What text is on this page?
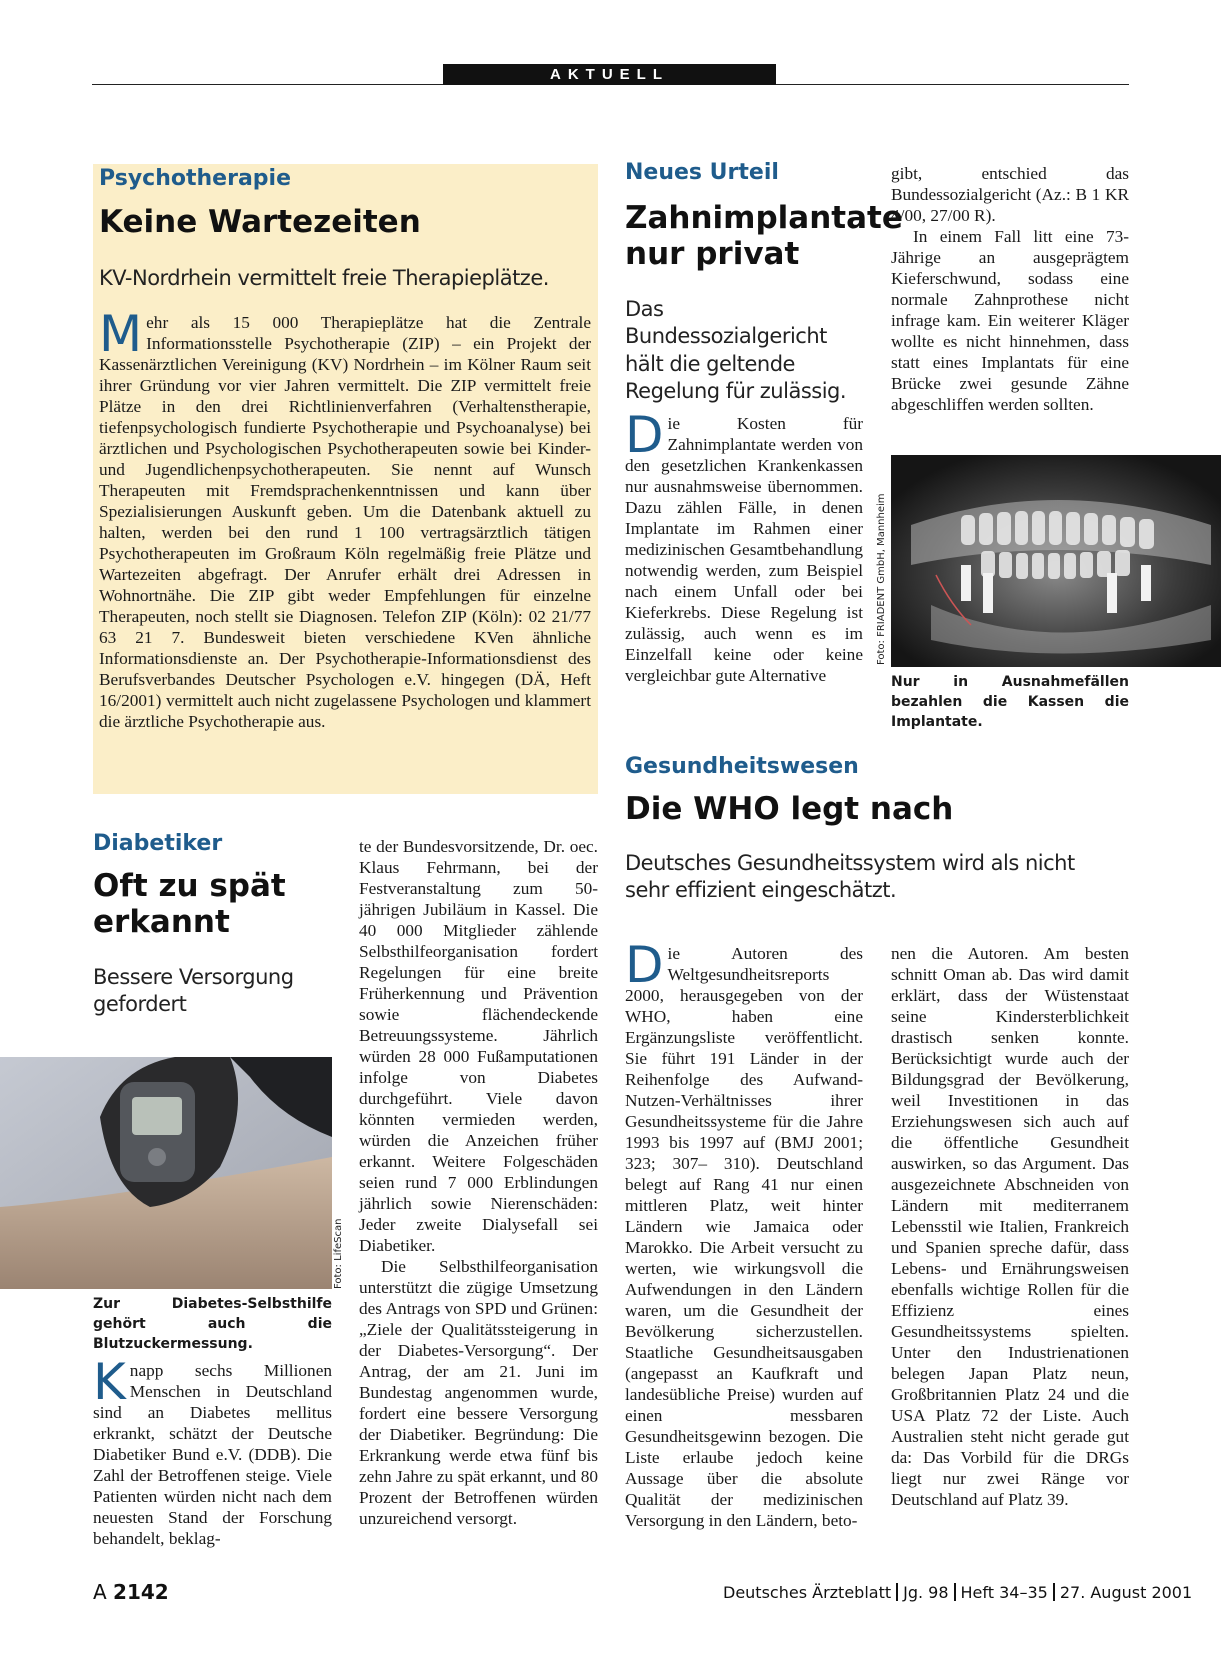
AKTUELL
Psychotherapie
Keine Wartezeiten
KV-Nordrhein vermittelt freie Therapieplätze.

Mehr als 15 000 Therapieplätze hat die Zentrale Informationsstelle Psychotherapie (ZIP) – ein Projekt der Kassenärztlichen Vereinigung (KV) Nordrhein – im Kölner Raum seit ihrer Gründung vor vier Jahren vermittelt. Die ZIP vermittelt freie Plätze in den drei Richtlinienverfahren (Verhaltenstherapie, tiefenpsychologisch fundierte Psychotherapie und Psychoanalyse) bei ärztlichen und Psychologischen Psychotherapeuten sowie bei Kinder- und Jugendlichenpsychotherapeuten. Sie nennt auf Wunsch Therapeuten mit Fremdsprachenkenntnissen und kann über Spezialisierungen Auskunft geben. Um die Datenbank aktuell zu halten, werden bei den rund 1 100 vertragsärztlich tätigen Psychotherapeuten im Großraum Köln regelmäßig freie Plätze und Wartezeiten abgefragt. Der Anrufer erhält drei Adressen in Wohnortnähe. Die ZIP gibt weder Empfehlungen für einzelne Therapeuten, noch stellt sie Diagnosen. Telefon ZIP (Köln): 02 21/77 63 21 7. Bundesweit bieten verschiedene KVen ähnliche Informationsdienste an. Der Psychotherapie-Informationsdienst des Berufsverbandes Deutscher Psychologen e.V. hingegen (DÄ, Heft 16/2001) vermittelt auch nicht zugelassene Psychologen und klammert die ärztliche Psychotherapie aus.

Neues Urteil
Zahnimplantate nur privat
Das Bundessozialgericht hält die geltende Regelung für zulässig.

Die Kosten für Zahnimplantate werden von den gesetzlichen Krankenkassen nur ausnahmsweise übernommen. Dazu zählen Fälle, in denen Implantate im Rahmen einer medizinischen Gesamtbehandlung notwendig werden, zum Beispiel nach einem Unfall oder bei Kieferkrebs. Diese Regelung ist zulässig, auch wenn es im Einzelfall keine oder keine vergleichbar gute Alternative

gibt, entschied das Bundessozialgericht (Az.: B 1 KR 4/00, 27/00 R).

In einem Fall litt eine 73-Jährige an ausgeprägtem Kieferschwund, sodass eine normale Zahnprothese nicht infrage kam. Ein weiterer Kläger wollte es nicht hinnehmen, dass statt eines Implantats für eine Brücke zwei gesunde Zähne abgeschliffen werden sollten.

Foto: FRIADENT GmbH, Mannheim
Nur in Ausnahmefällen bezahlen die Kassen die Implantate.
Diabetiker
Oft zu spät
erkannt
Bessere Versorgung
gefordert
Foto: LifeScan
Zur Diabetes-Selbsthilfe gehört auch die Blutzuckermessung.

Knapp sechs Millionen Menschen in Deutschland sind an Diabetes mellitus erkrankt, schätzt der Deutsche Diabetiker Bund e.V. (DDB). Die Zahl der Betroffenen steige. Viele Patienten würden nicht nach dem neuesten Stand der Forschung behandelt, beklag-

te der Bundesvorsitzende, Dr. oec. Klaus Fehrmann, bei der Festveranstaltung zum 50-jährigen Jubiläum in Kassel. Die 40 000 Mitglieder zählende Selbsthilfeorganisation fordert Regelungen für eine breite Früherkennung und Prävention sowie flächendeckende Betreuungssysteme. Jährlich würden 28 000 Fußamputationen infolge von Diabetes durchgeführt. Viele davon könnten vermieden werden, würden die Anzeichen früher erkannt. Weitere Folgeschäden seien rund 7 000 Erblindungen jährlich sowie Nierenschäden: Jeder zweite Dialysefall sei Diabetiker.

Die Selbsthilfeorganisation unterstützt die zügige Umsetzung des Antrags von SPD und Grünen: „Ziele der Qualitätssteigerung in der Diabetes-Versorgung“. Der Antrag, der am 21. Juni im Bundestag angenommen wurde, fordert eine bessere Versorgung der Diabetiker. Begründung: Die Erkrankung werde etwa fünf bis zehn Jahre zu spät erkannt, und 80 Prozent der Betroffenen würden unzureichend versorgt.

Gesundheitswesen
Die WHO legt nach
Deutsches Gesundheitssystem wird als nicht sehr effizient eingeschätzt.

Die Autoren des Weltgesundheitsreports 2000, herausgegeben von der WHO, haben eine Ergänzungsliste veröffentlicht. Sie führt 191 Länder in der Reihenfolge des Aufwand-Nutzen-Verhältnisses ihrer Gesundheitssysteme für die Jahre 1993 bis 1997 auf (BMJ 2001; 323; 307– 310). Deutschland belegt auf Rang 41 nur einen mittleren Platz, weit hinter Ländern wie Jamaica oder Marokko. Die Arbeit versucht zu werten, wie wirkungsvoll die Aufwendungen in den Ländern waren, um die Gesundheit der Bevölkerung sicherzustellen. Staatliche Gesundheitsausgaben (angepasst an Kaufkraft und landesübliche Preise) wurden auf einen messbaren Gesundheitsgewinn bezogen. Die Liste erlaube jedoch keine Aussage über die absolute Qualität der medizinischen Versorgung in den Ländern, beto-

nen die Autoren. Am besten schnitt Oman ab. Das wird damit erklärt, dass der Wüstenstaat seine Kindersterblichkeit drastisch senken konnte. Berücksichtigt wurde auch der Bildungsgrad der Bevölkerung, weil Investitionen in das Erziehungswesen sich auch auf die öffentliche Gesundheit auswirken, so das Argument. Das ausgezeichnete Abschneiden von Ländern mit mediterranem Lebensstil wie Italien, Frankreich und Spanien spreche dafür, dass Lebens- und Ernährungsweisen ebenfalls wichtige Rollen für die Effizienz eines Gesundheitssystems spielten. Unter den Industrienationen belegen Japan Platz neun, Großbritannien Platz 24 und die USA Platz 72 der Liste. Auch Australien steht nicht gerade gut da: Das Vorbild für die DRGs liegt nur zwei Ränge vor Deutschland auf Platz 39.

A 2142	Deutsches Ärzteblatt Jg. 98 Heft 34–35 27. August 2001
